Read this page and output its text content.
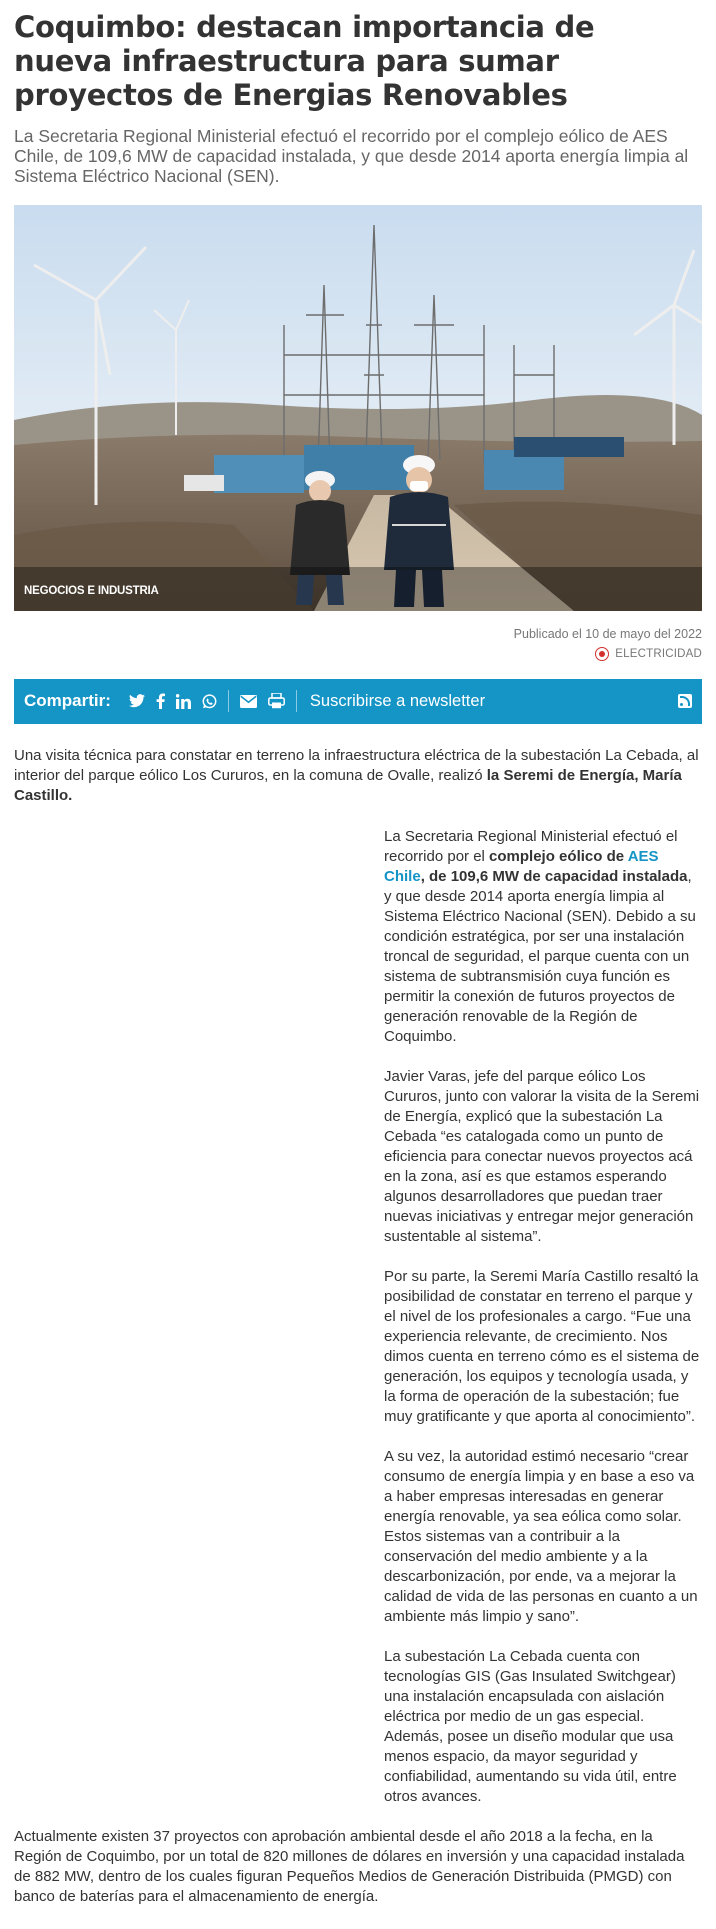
Coquimbo: destacan importancia de nueva infraestructura para sumar proyectos de Energias Renovables

La Secretaria Regional Ministerial efectuó el recorrido por el complejo eólico de AES Chile, de 109,6 MW de capacidad instalada, y que desde 2014 aporta energía limpia al Sistema Eléctrico Nacional (SEN).

NEGOCIOS E INDUSTRIA
Publicado el 10 de mayo del 2022
ELECTRICIDAD
Compartir:	Suscribirse a newsletter

Una visita técnica para constatar en terreno la infraestructura eléctrica de la subestación La Cebada, al interior del parque eólico Los Cururos, en la comuna de Ovalle, realizó la Seremi de Energía, María Castillo.

La Secretaria Regional Ministerial efectuó el recorrido por el complejo eólico de AES Chile, de 109,6 MW de capacidad instalada, y que desde 2014 aporta energía limpia al Sistema Eléctrico Nacional (SEN). Debido a su condición estratégica, por ser una instalación troncal de seguridad, el parque cuenta con un sistema de subtransmisión cuya función es permitir la conexión de futuros proyectos de generación renovable de la Región de Coquimbo.

Javier Varas, jefe del parque eólico Los Cururos, junto con valorar la visita de la Seremi de Energía, explicó que la subestación La Cebada “es catalogada como un punto de eficiencia para conectar nuevos proyectos acá en la zona, así es que estamos esperando algunos desarrolladores que puedan traer nuevas iniciativas y entregar mejor generación sustentable al sistema”.

Por su parte, la Seremi María Castillo resaltó la posibilidad de constatar en terreno el parque y el nivel de los profesionales a cargo. “Fue una experiencia relevante, de crecimiento. Nos dimos cuenta en terreno cómo es el sistema de generación, los equipos y tecnología usada, y la forma de operación de la subestación; fue muy gratificante y que aporta al conocimiento”.

A su vez, la autoridad estimó necesario “crear consumo de energía limpia y en base a eso va a haber empresas interesadas en generar energía renovable, ya sea eólica como solar. Estos sistemas van a contribuir a la conservación del medio ambiente y a la descarbonización, por ende, va a mejorar la calidad de vida de las personas en cuanto a un ambiente más limpio y sano”.

La subestación La Cebada cuenta con tecnologías GIS (Gas Insulated Switchgear) una instalación encapsulada con aislación eléctrica por medio de un gas especial. Además, posee un diseño modular que usa menos espacio, da mayor seguridad y confiabilidad, aumentando su vida útil, entre otros avances.

Actualmente existen 37 proyectos con aprobación ambiental desde el año 2018 a la fecha, en la Región de Coquimbo, por un total de 820 millones de dólares en inversión y una capacidad instalada de 882 MW, dentro de los cuales figuran Pequeños Medios de Generación Distribuida (PMGD) con banco de baterías para el almacenamiento de energía.
